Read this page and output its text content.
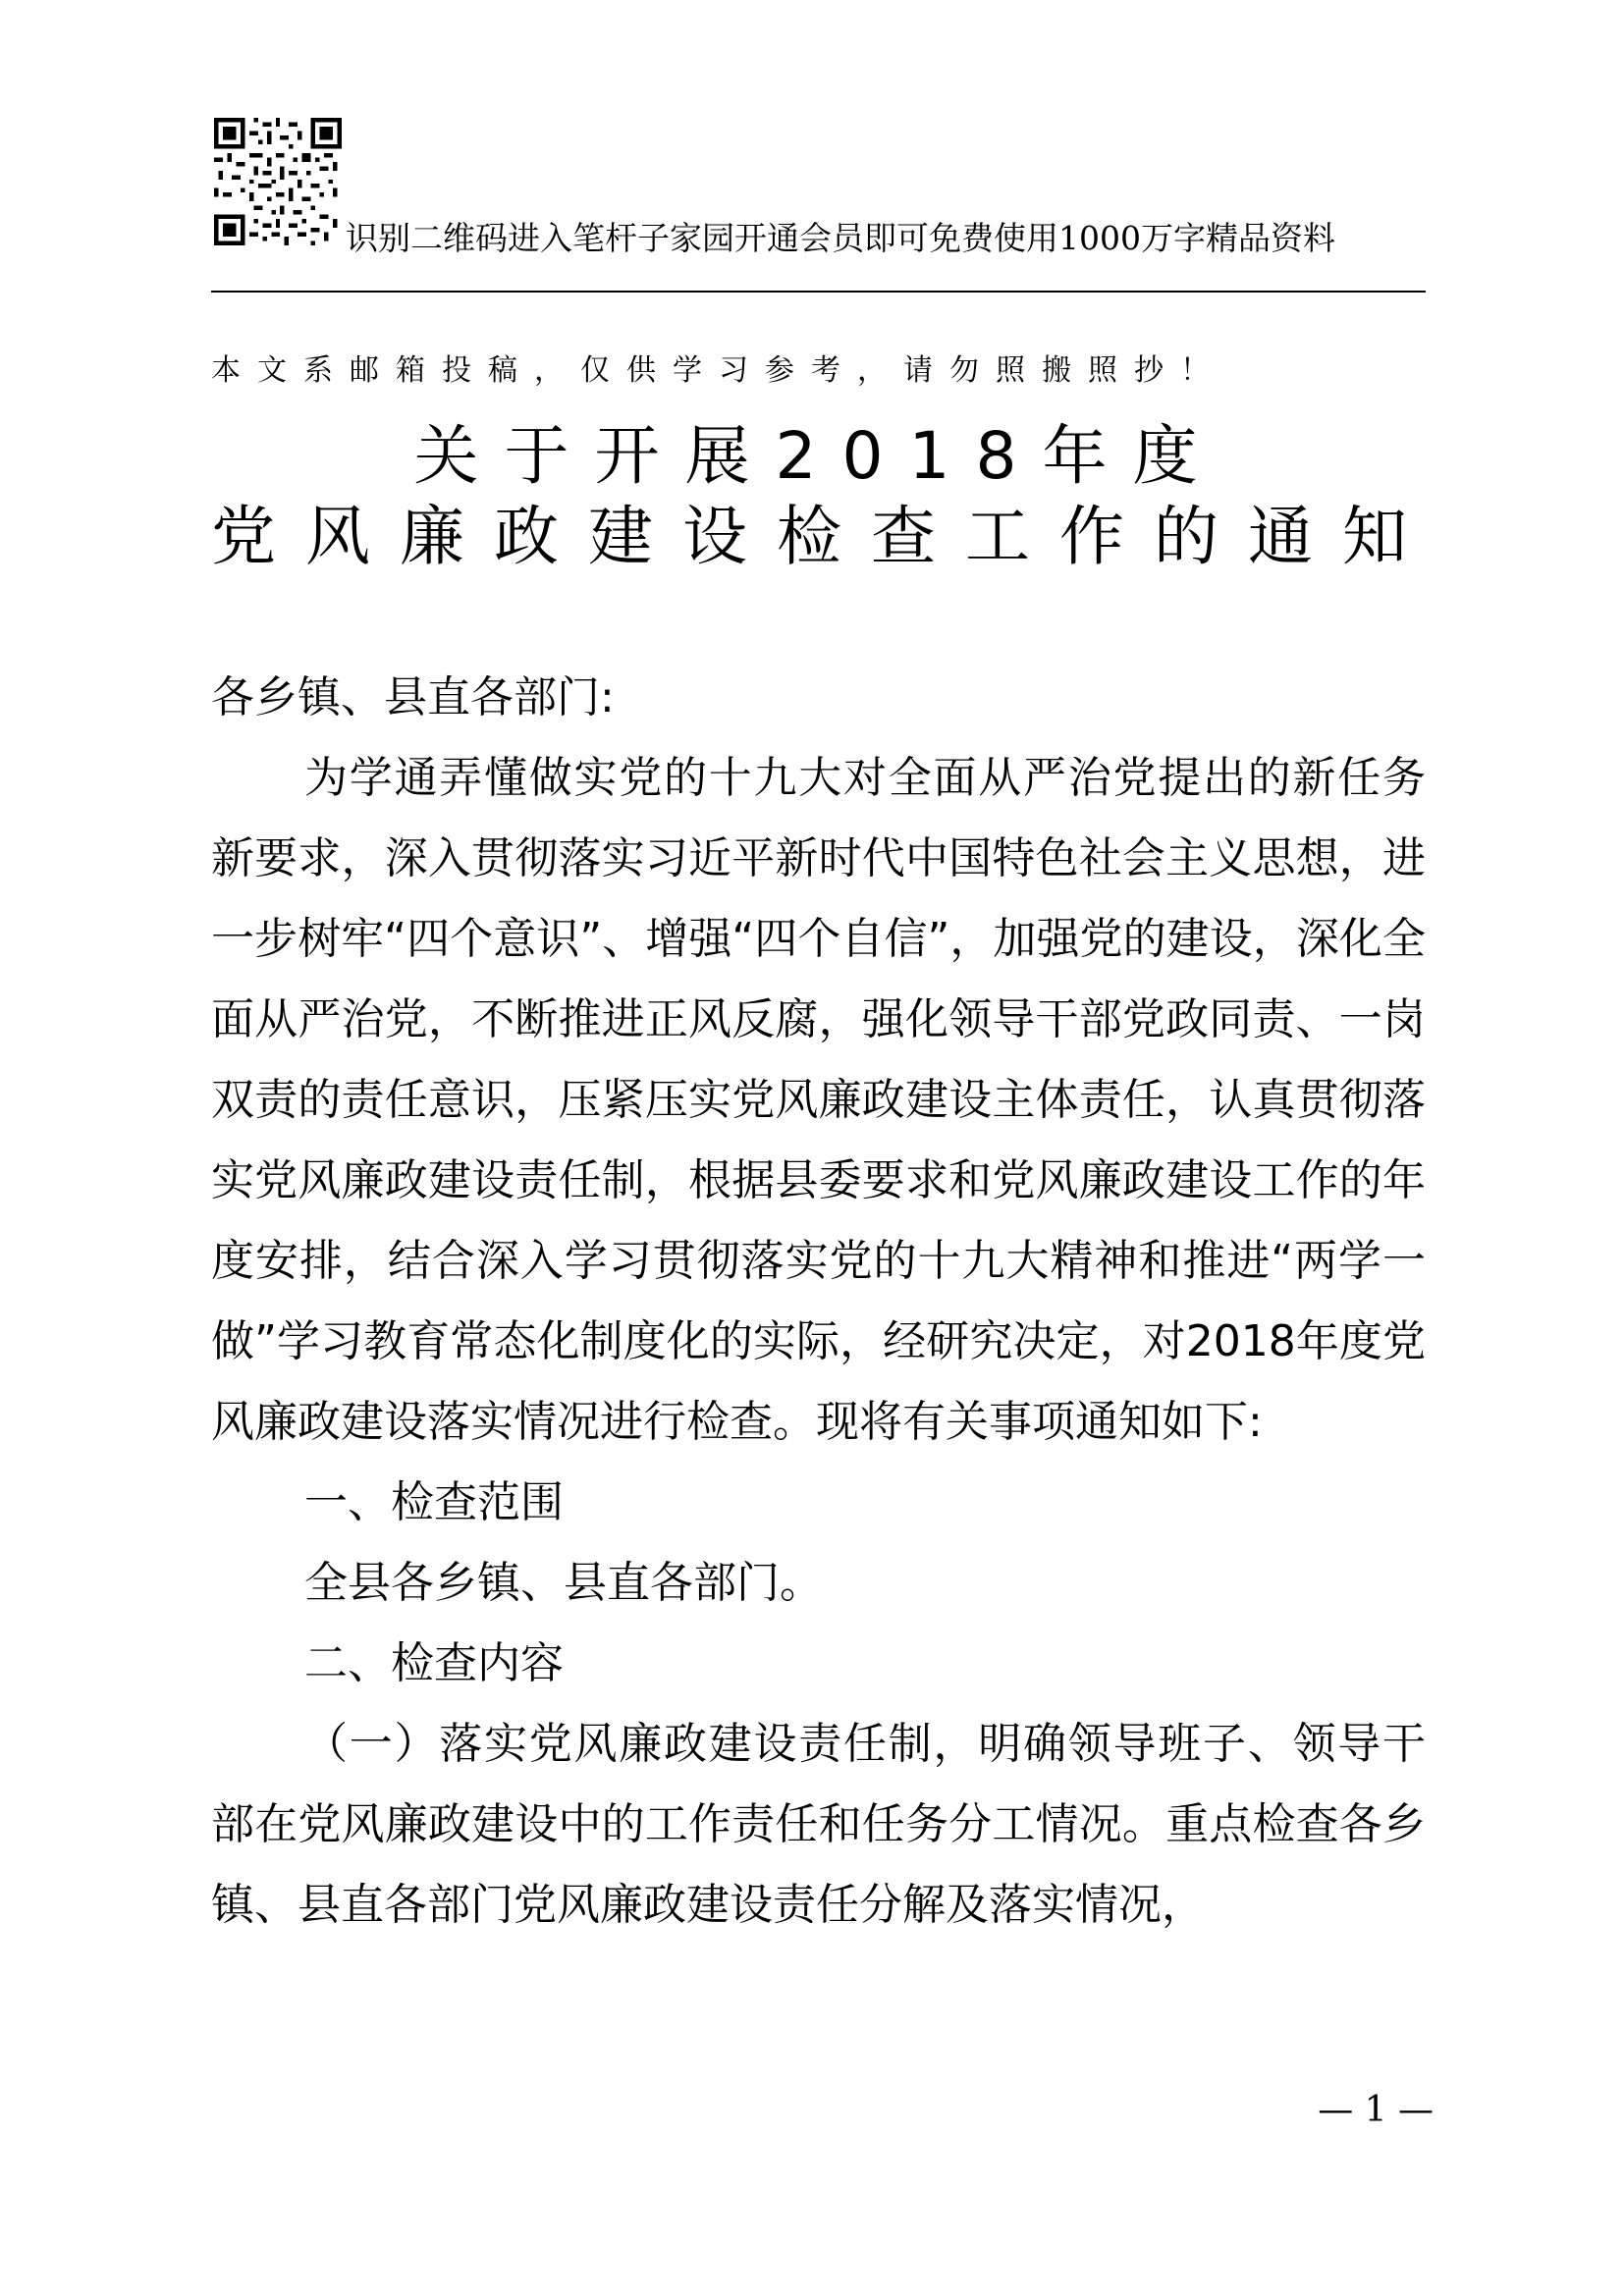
识别二维码进入笔杆子家园开通会员即可免费使用1000万字精品资料
本文系邮箱投稿，仅供学习参考，请勿照搬照抄！
关于开展2018年度
党风廉政建设检查工作的通知

各乡镇、县直各部门:

为学通弄懂做实党的十九大对全面从严治党提出的新任务新要求，深入贯彻落实习近平新时代中国特色社会主义思想，进一步树牢“四个意识”、增强“四个自信”，加强党的建设，深化全面从严治党，不断推进正风反腐，强化领导干部党政同责、一岗双责的责任意识，压紧压实党风廉政建设主体责任，认真贯彻落实党风廉政建设责任制，根据县委要求和党风廉政建设工作的年度安排，结合深入学习贯彻落实党的十九大精神和推进“两学一做”学习教育常态化制度化的实际，经研究决定，对2018年度党风廉政建设落实情况进行检查。现将有关事项通知如下:

一、检查范围

全县各乡镇、县直各部门。

二、检查内容

（一）落实党风廉政建设责任制，明确领导班子、领导干部在党风廉政建设中的工作责任和任务分工情况。重点检查各乡镇、县直各部门党风廉政建设责任分解及落实情况，

— 1 —
